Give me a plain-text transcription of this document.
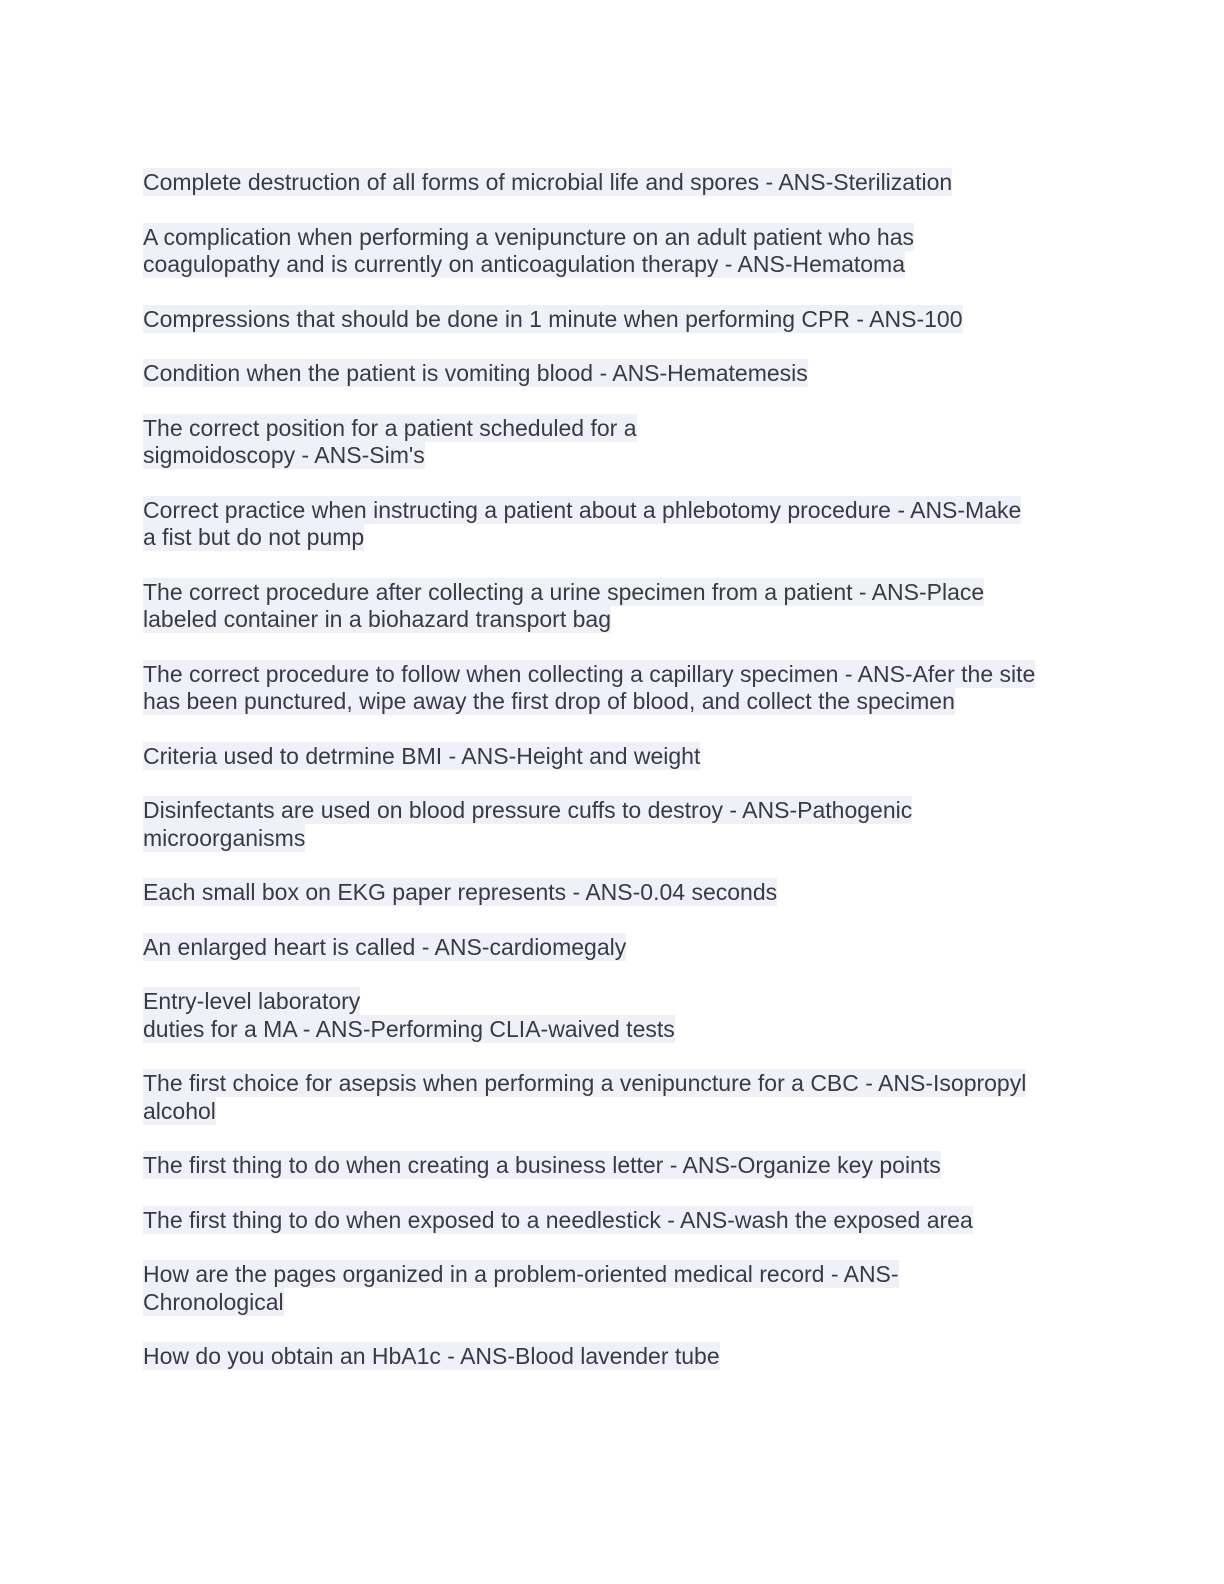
Complete destruction of all forms of microbial life and spores - ANS-Sterilization
A complication when performing a venipuncture on an adult patient who has
coagulopathy and is currently on anticoagulation therapy - ANS-Hematoma
Compressions that should be done in 1 minute when performing CPR - ANS-100
Condition when the patient is vomiting blood - ANS-Hematemesis
The correct position for a patient scheduled for a
sigmoidoscopy - ANS-Sim's
Correct practice when instructing a patient about a phlebotomy procedure - ANS-Make
a fist but do not pump
The correct procedure after collecting a urine specimen from a patient - ANS-Place
labeled container in a biohazard transport bag
The correct procedure to follow when collecting a capillary specimen - ANS-Afer the site
has been punctured, wipe away the first drop of blood, and collect the specimen
Criteria used to detrmine BMI - ANS-Height and weight
Disinfectants are used on blood pressure cuffs to destroy - ANS-Pathogenic
microorganisms
Each small box on EKG paper represents - ANS-0.04 seconds
An enlarged heart is called - ANS-cardiomegaly
Entry-level laboratory
duties for a MA - ANS-Performing CLIA-waived tests
The first choice for asepsis when performing a venipuncture for a CBC - ANS-Isopropyl
alcohol
The first thing to do when creating a business letter - ANS-Organize key points
The first thing to do when exposed to a needlestick - ANS-wash the exposed area
How are the pages organized in a problem-oriented medical record - ANS-
Chronological
How do you obtain an HbA1c - ANS-Blood lavender tube
